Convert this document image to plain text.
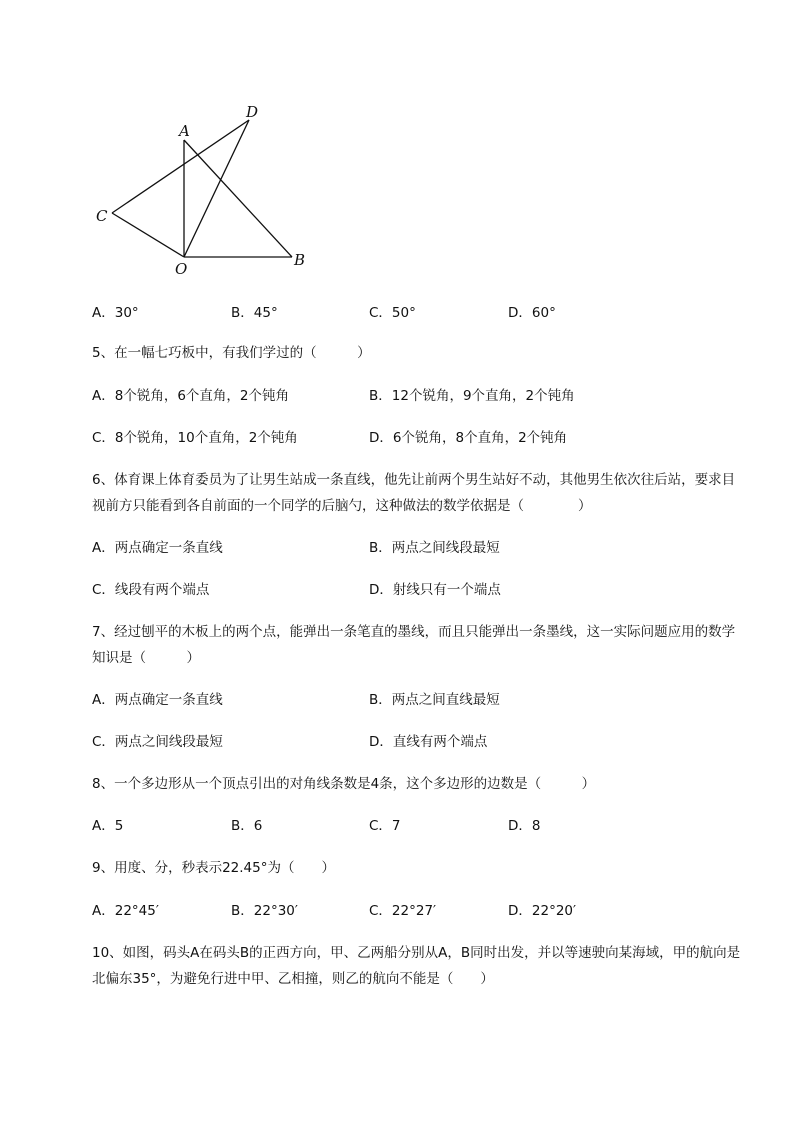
A
D
C
O	B
A．30°	B．45°	C．50°	D．60°
5、在一幅七巧板中，有我们学过的（　　　）
A．8个锐角，6个直角，2个钝角	B．12个锐角，9个直角，2个钝角
C．8个锐角，10个直角，2个钝角	D．6个锐角，8个直角，2个钝角
6、体育课上体育委员为了让男生站成一条直线，他先让前两个男生站好不动，其他男生依次往后站，要求目视前方只能看到各自前面的一个同学的后脑勺，这种做法的数学依据是（　　　　）
A．两点确定一条直线	B．两点之间线段最短
C．线段有两个端点	D．射线只有一个端点
7、经过刨平的木板上的两个点，能弹出一条笔直的墨线，而且只能弹出一条墨线，这一实际问题应用的数学知识是（　　　）
A．两点确定一条直线	B．两点之间直线最短
C．两点之间线段最短	D．直线有两个端点
8、一个多边形从一个顶点引出的对角线条数是4条，这个多边形的边数是（　　　）
A．5	B．6	C．7	D．8
9、用度、分，秒表示22.45°为（　　）
A．22°45′	B．22°30′	C．22°27′	D．22°20′
10、如图，码头A在码头B的正西方向，甲、乙两船分别从A，B同时出发，并以等速驶向某海域，甲的航向是北偏东35°，为避免行进中甲、乙相撞，则乙的航向不能是（　　）
